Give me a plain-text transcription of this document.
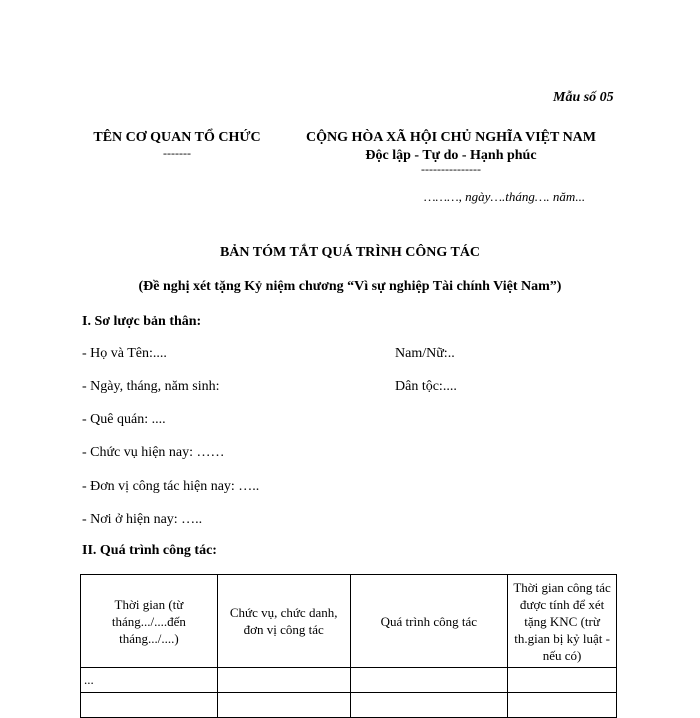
Mẫu số 05
TÊN CƠ QUAN TỔ CHỨC
-------
CỘNG HÒA XÃ HỘI CHỦ NGHĨA VIỆT NAM
Độc lập - Tự do - Hạnh phúc
---------------
………, ngày….tháng…. năm...
BẢN TÓM TẮT QUÁ TRÌNH CÔNG TÁC
(Đề nghị xét tặng Kỷ niệm chương “Vì sự nghiệp Tài chính Việt Nam”)
I. Sơ lược bản thân:
- Họ và Tên:....	Nam/Nữ:..
- Ngày, tháng, năm sinh:	Dân tộc:....
- Quê quán: ....
- Chức vụ hiện nay: ……
- Đơn vị công tác hiện nay: …..
- Nơi ở hiện nay: …..
II. Quá trình công tác:
Thời gian (từ tháng.../....đến tháng.../....)	Chức vụ, chức danh, đơn vị công tác	Quá trình công tác	Thời gian công tác được tính để xét tặng KNC (trừ th.gian bị kỷ luật - nếu có)
...			
